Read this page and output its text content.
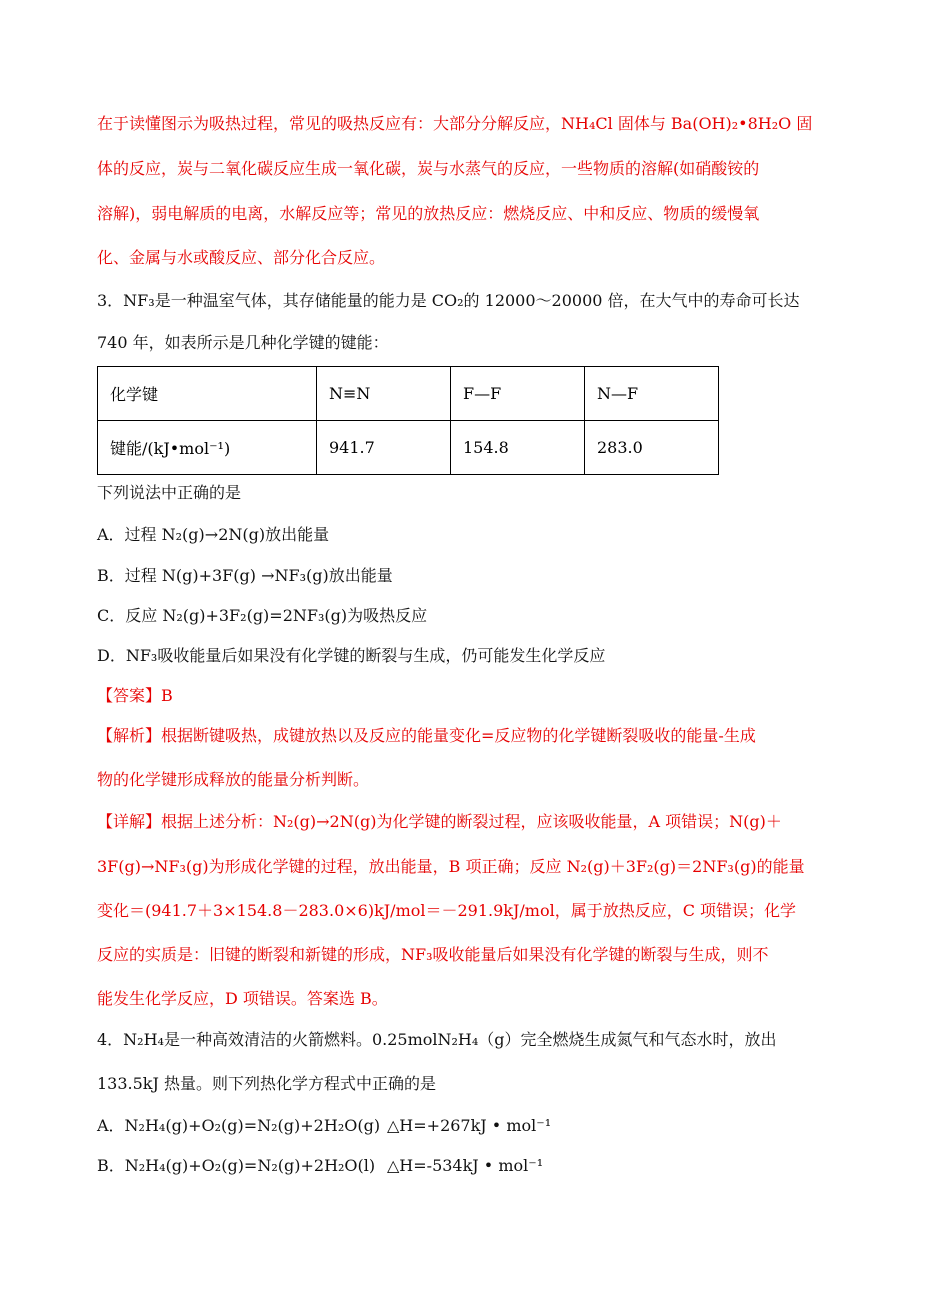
在于读懂图示为吸热过程，常见的吸热反应有：大部分分解反应，NH₄Cl 固体与 Ba(OH)₂•8H₂O 固
体的反应，炭与二氧化碳反应生成一氧化碳，炭与水蒸气的反应，一些物质的溶解(如硝酸铵的
溶解)，弱电解质的电离，水解反应等；常见的放热反应：燃烧反应、中和反应、物质的缓慢氧
化、金属与水或酸反应、部分化合反应。
3．NF₃是一种温室气体，其存储能量的能力是 CO₂的 12000～20000 倍，在大气中的寿命可长达
740 年，如表所示是几种化学键的键能：
化学键	N≡N	F—F	N—F
键能/(kJ•mol⁻¹)	941.7	154.8	283.0
下列说法中正确的是
A．过程 N₂(g)→2N(g)放出能量
B．过程 N(g)+3F(g) →NF₃(g)放出能量
C．反应 N₂(g)+3F₂(g)=2NF₃(g)为吸热反应
D．NF₃吸收能量后如果没有化学键的断裂与生成，仍可能发生化学反应
【答案】B
【解析】根据断键吸热，成键放热以及反应的能量变化=反应物的化学键断裂吸收的能量-生成
物的化学键形成释放的能量分析判断。
【详解】根据上述分析：N₂(g)→2N(g)为化学键的断裂过程，应该吸收能量，A 项错误；N(g)＋
3F(g)→NF₃(g)为形成化学键的过程，放出能量，B 项正确；反应 N₂(g)＋3F₂(g)＝2NF₃(g)的能量
变化＝(941.7＋3×154.8－283.0×6)kJ/mol＝－291.9kJ/mol，属于放热反应，C 项错误；化学
反应的实质是：旧键的断裂和新键的形成，NF₃吸收能量后如果没有化学键的断裂与生成，则不
能发生化学反应，D 项错误。答案选 B。
4．N₂H₄是一种高效清洁的火箭燃料。0.25molN₂H₄（g）完全燃烧生成氮气和气态水时，放出
133.5kJ 热量。则下列热化学方程式中正确的是
A．N₂H₄(g)+O₂(g)=N₂(g)+2H₂O(g) △H=+267kJ • mol⁻¹
B．N₂H₄(g)+O₂(g)=N₂(g)+2H₂O(l) △H=-534kJ • mol⁻¹
